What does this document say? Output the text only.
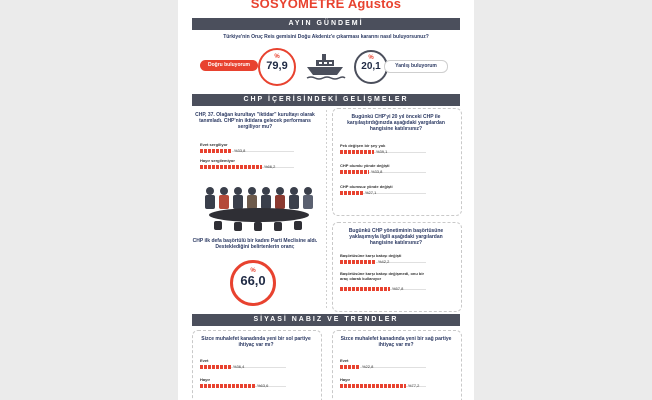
SOSYOMETRE Ağustos
AYIN GÜNDEMİ
Türkiye'nin Oruç Reis gemisini Doğu Akdeniz'e çıkarması kararını nasıl buluyorsunuz?
Doğru buluyorum
%
79,9
%
20,1	Yanlış buluyorum
CHP İÇERİSİNDEKİ GELİŞMELER
CHP, 37. Olağan kurultayı "iktidar" kurultayı olarak tanımladı. CHP'nin iktidara gelecek performans sergiliyor mu?
Evet sergiliyor
%33,8
Hayır sergilemiyor
%66,2
CHP ilk defa başörtülü bir kadını Parti Meclisine aldı. Desteklediğini belirtenlerin oranı;
%
66,0
Bugünkü CHP'yi 20 yıl önceki CHP ile karşılaştırdığınızda aşağıdaki yargılardan hangisine katılırsınız?
Pek değişen bir şey yok
%39,1
CHP olumlu yönde değişti
%33,8
CHP olumsuz yönde değişti
%27,1
Bugünkü CHP yönetiminin başörtüsüne yaklaşımıyla ilgili aşağıdaki yargılardan hangisine katılırsınız?
Başörtüsüne karşı bakışı değişti
%42,2
Başörtüsüne karşı bakışı değişmedi, onu bir araç olarak kullanıyor
%57,8
SİYASİ NABIZ VE TRENDLER
Sizce muhalefet kanadında yeni bir sol partiye ihtiyaç var mı?
Evet
%36,4
Hayır
%63,6
Sizce muhalefet kanadında yeni bir sağ partiye ihtiyaç var mı?
Evet
%22,8
Hayır
%77,2
